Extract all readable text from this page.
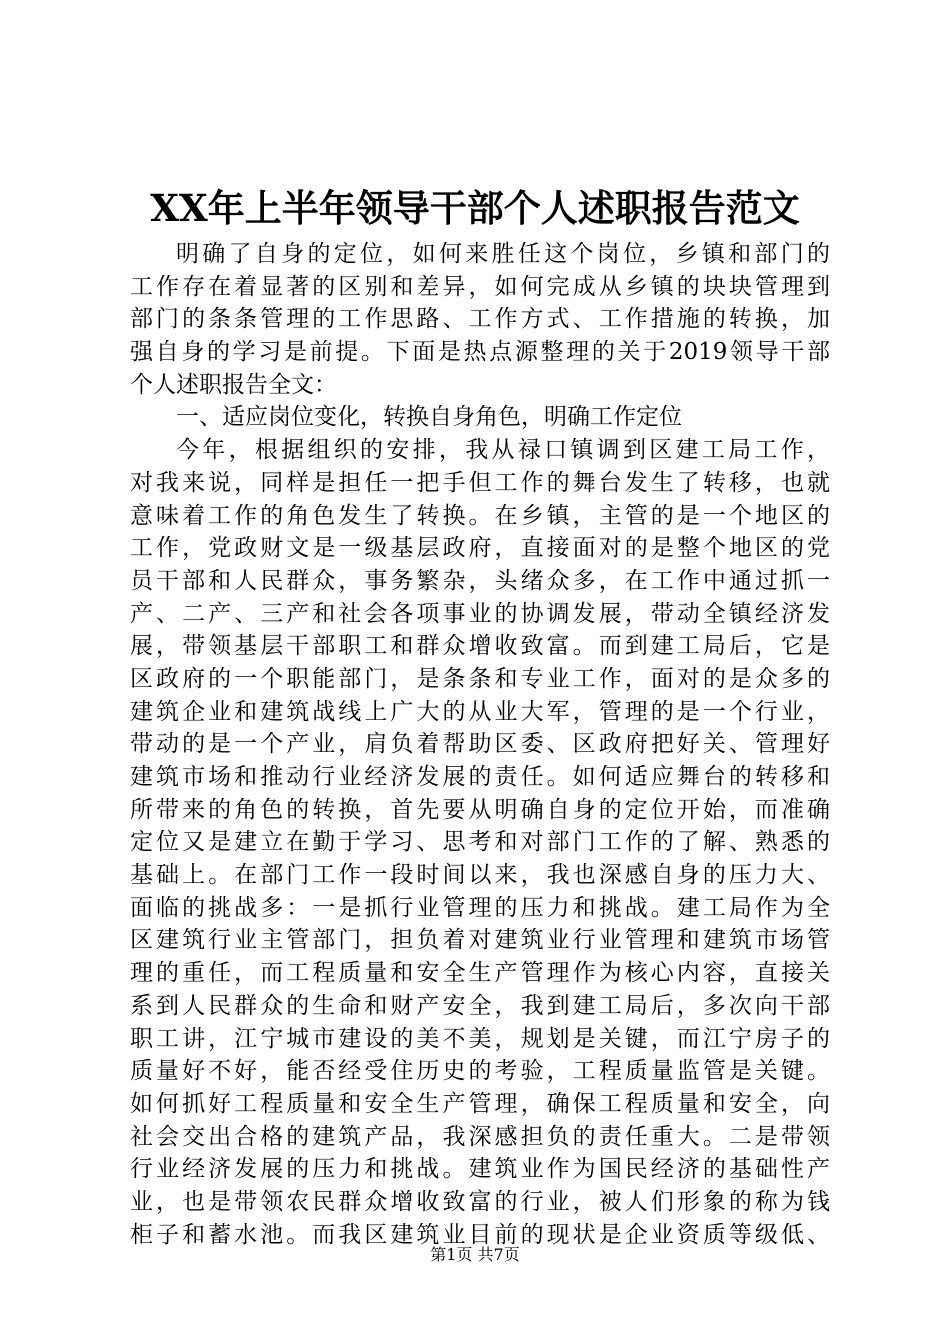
XX年上半年领导干部个人述职报告范文
明确了自身的定位，如何来胜任这个岗位，乡镇和部门的
工作存在着显著的区别和差异，如何完成从乡镇的块块管理到
部门的条条管理的工作思路、工作方式、工作措施的转换，加
强自身的学习是前提。下面是热点源整理的关于2019领导干部
个人述职报告全文：
一、适应岗位变化，转换自身角色，明确工作定位
今年，根据组织的安排，我从禄口镇调到区建工局工作，
对我来说，同样是担任一把手但工作的舞台发生了转移，也就
意味着工作的角色发生了转换。在乡镇，主管的是一个地区的
工作，党政财文是一级基层政府，直接面对的是整个地区的党
员干部和人民群众，事务繁杂，头绪众多，在工作中通过抓一
产、二产、三产和社会各项事业的协调发展，带动全镇经济发
展，带领基层干部职工和群众增收致富。而到建工局后，它是
区政府的一个职能部门，是条条和专业工作，面对的是众多的
建筑企业和建筑战线上广大的从业大军，管理的是一个行业，
带动的是一个产业，肩负着帮助区委、区政府把好关、管理好
建筑市场和推动行业经济发展的责任。如何适应舞台的转移和
所带来的角色的转换，首先要从明确自身的定位开始，而准确
定位又是建立在勤于学习、思考和对部门工作的了解、熟悉的
基础上。在部门工作一段时间以来，我也深感自身的压力大、
面临的挑战多：一是抓行业管理的压力和挑战。建工局作为全
区建筑行业主管部门，担负着对建筑业行业管理和建筑市场管
理的重任，而工程质量和安全生产管理作为核心内容，直接关
系到人民群众的生命和财产安全，我到建工局后，多次向干部
职工讲，江宁城市建设的美不美，规划是关键，而江宁房子的
质量好不好，能否经受住历史的考验，工程质量监管是关键。
如何抓好工程质量和安全生产管理，确保工程质量和安全，向
社会交出合格的建筑产品，我深感担负的责任重大。二是带领
行业经济发展的压力和挑战。建筑业作为国民经济的基础性产
业，也是带领农民群众增收致富的行业，被人们形象的称为钱
柜子和蓄水池。而我区建筑业目前的现状是企业资质等级低、
第1页 共7页
